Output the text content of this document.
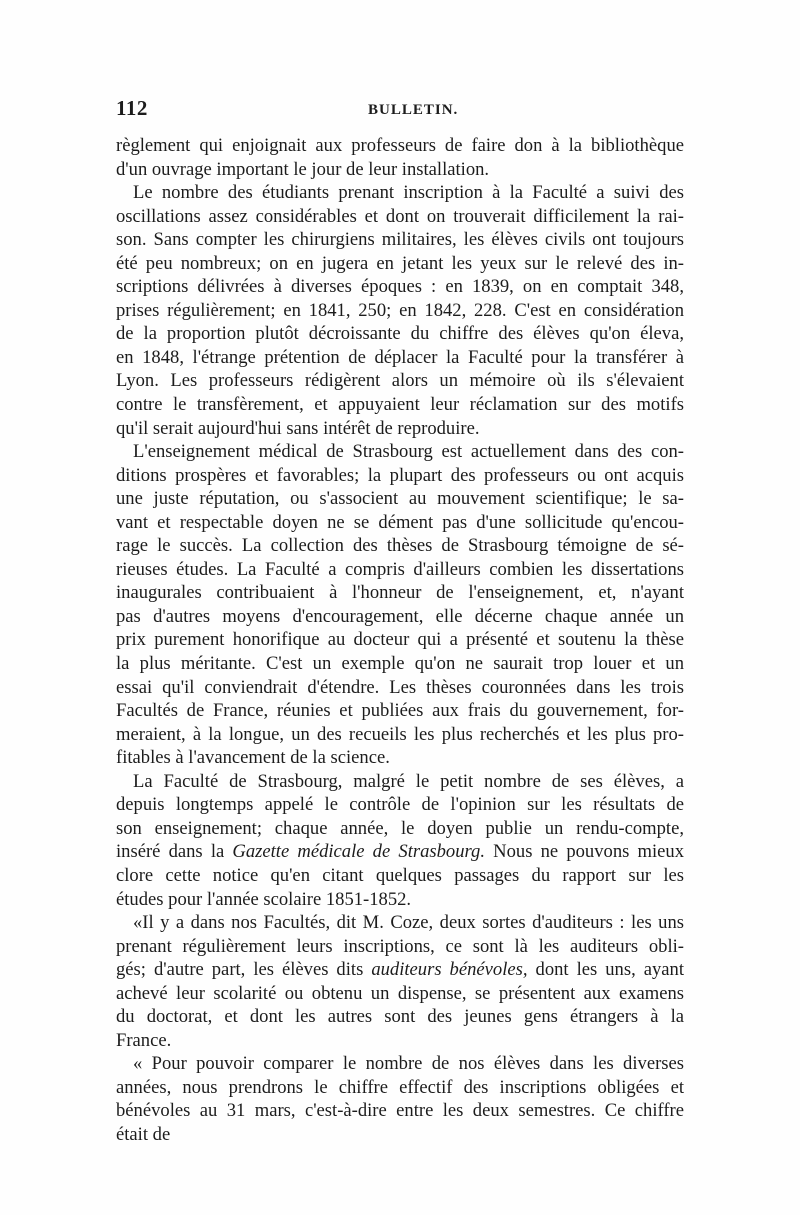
112	BULLETIN.
règlement qui enjoignait aux professeurs de faire don à la bibliothèque
d'un ouvrage important le jour de leur installation.
Le nombre des étudiants prenant inscription à la Faculté a suivi des
oscillations assez considérables et dont on trouverait difficilement la rai-
son. Sans compter les chirurgiens militaires, les élèves civils ont toujours
été peu nombreux; on en jugera en jetant les yeux sur le relevé des in-
scriptions délivrées à diverses époques : en 1839, on en comptait 348,
prises régulièrement; en 1841, 250; en 1842, 228. C'est en considération
de la proportion plutôt décroissante du chiffre des élèves qu'on éleva,
en 1848, l'étrange prétention de déplacer la Faculté pour la transférer à
Lyon. Les professeurs rédigèrent alors un mémoire où ils s'élevaient
contre le transfèrement, et appuyaient leur réclamation sur des motifs
qu'il serait aujourd'hui sans intérêt de reproduire.
L'enseignement médical de Strasbourg est actuellement dans des con-
ditions prospères et favorables; la plupart des professeurs ou ont acquis
une juste réputation, ou s'associent au mouvement scientifique; le sa-
vant et respectable doyen ne se dément pas d'une sollicitude qu'encou-
rage le succès. La collection des thèses de Strasbourg témoigne de sé-
rieuses études. La Faculté a compris d'ailleurs combien les dissertations
inaugurales contribuaient à l'honneur de l'enseignement, et, n'ayant
pas d'autres moyens d'encouragement, elle décerne chaque année un
prix purement honorifique au docteur qui a présenté et soutenu la thèse
la plus méritante. C'est un exemple qu'on ne saurait trop louer et un
essai qu'il conviendrait d'étendre. Les thèses couronnées dans les trois
Facultés de France, réunies et publiées aux frais du gouvernement, for-
meraient, à la longue, un des recueils les plus recherchés et les plus pro-
fitables à l'avancement de la science.
La Faculté de Strasbourg, malgré le petit nombre de ses élèves, a
depuis longtemps appelé le contrôle de l'opinion sur les résultats de
son enseignement; chaque année, le doyen publie un rendu-compte,
inséré dans la Gazette médicale de Strasbourg. Nous ne pouvons mieux
clore cette notice qu'en citant quelques passages du rapport sur les
études pour l'année scolaire 1851-1852.
«Il y a dans nos Facultés, dit M. Coze, deux sortes d'auditeurs : les uns
prenant régulièrement leurs inscriptions, ce sont là les auditeurs obli-
gés; d'autre part, les élèves dits auditeurs bénévoles, dont les uns, ayant
achevé leur scolarité ou obtenu un dispense, se présentent aux examens
du doctorat, et dont les autres sont des jeunes gens étrangers à la
France.
« Pour pouvoir comparer le nombre de nos élèves dans les diverses
années, nous prendrons le chiffre effectif des inscriptions obligées et
bénévoles au 31 mars, c'est-à-dire entre les deux semestres. Ce chiffre
était de
